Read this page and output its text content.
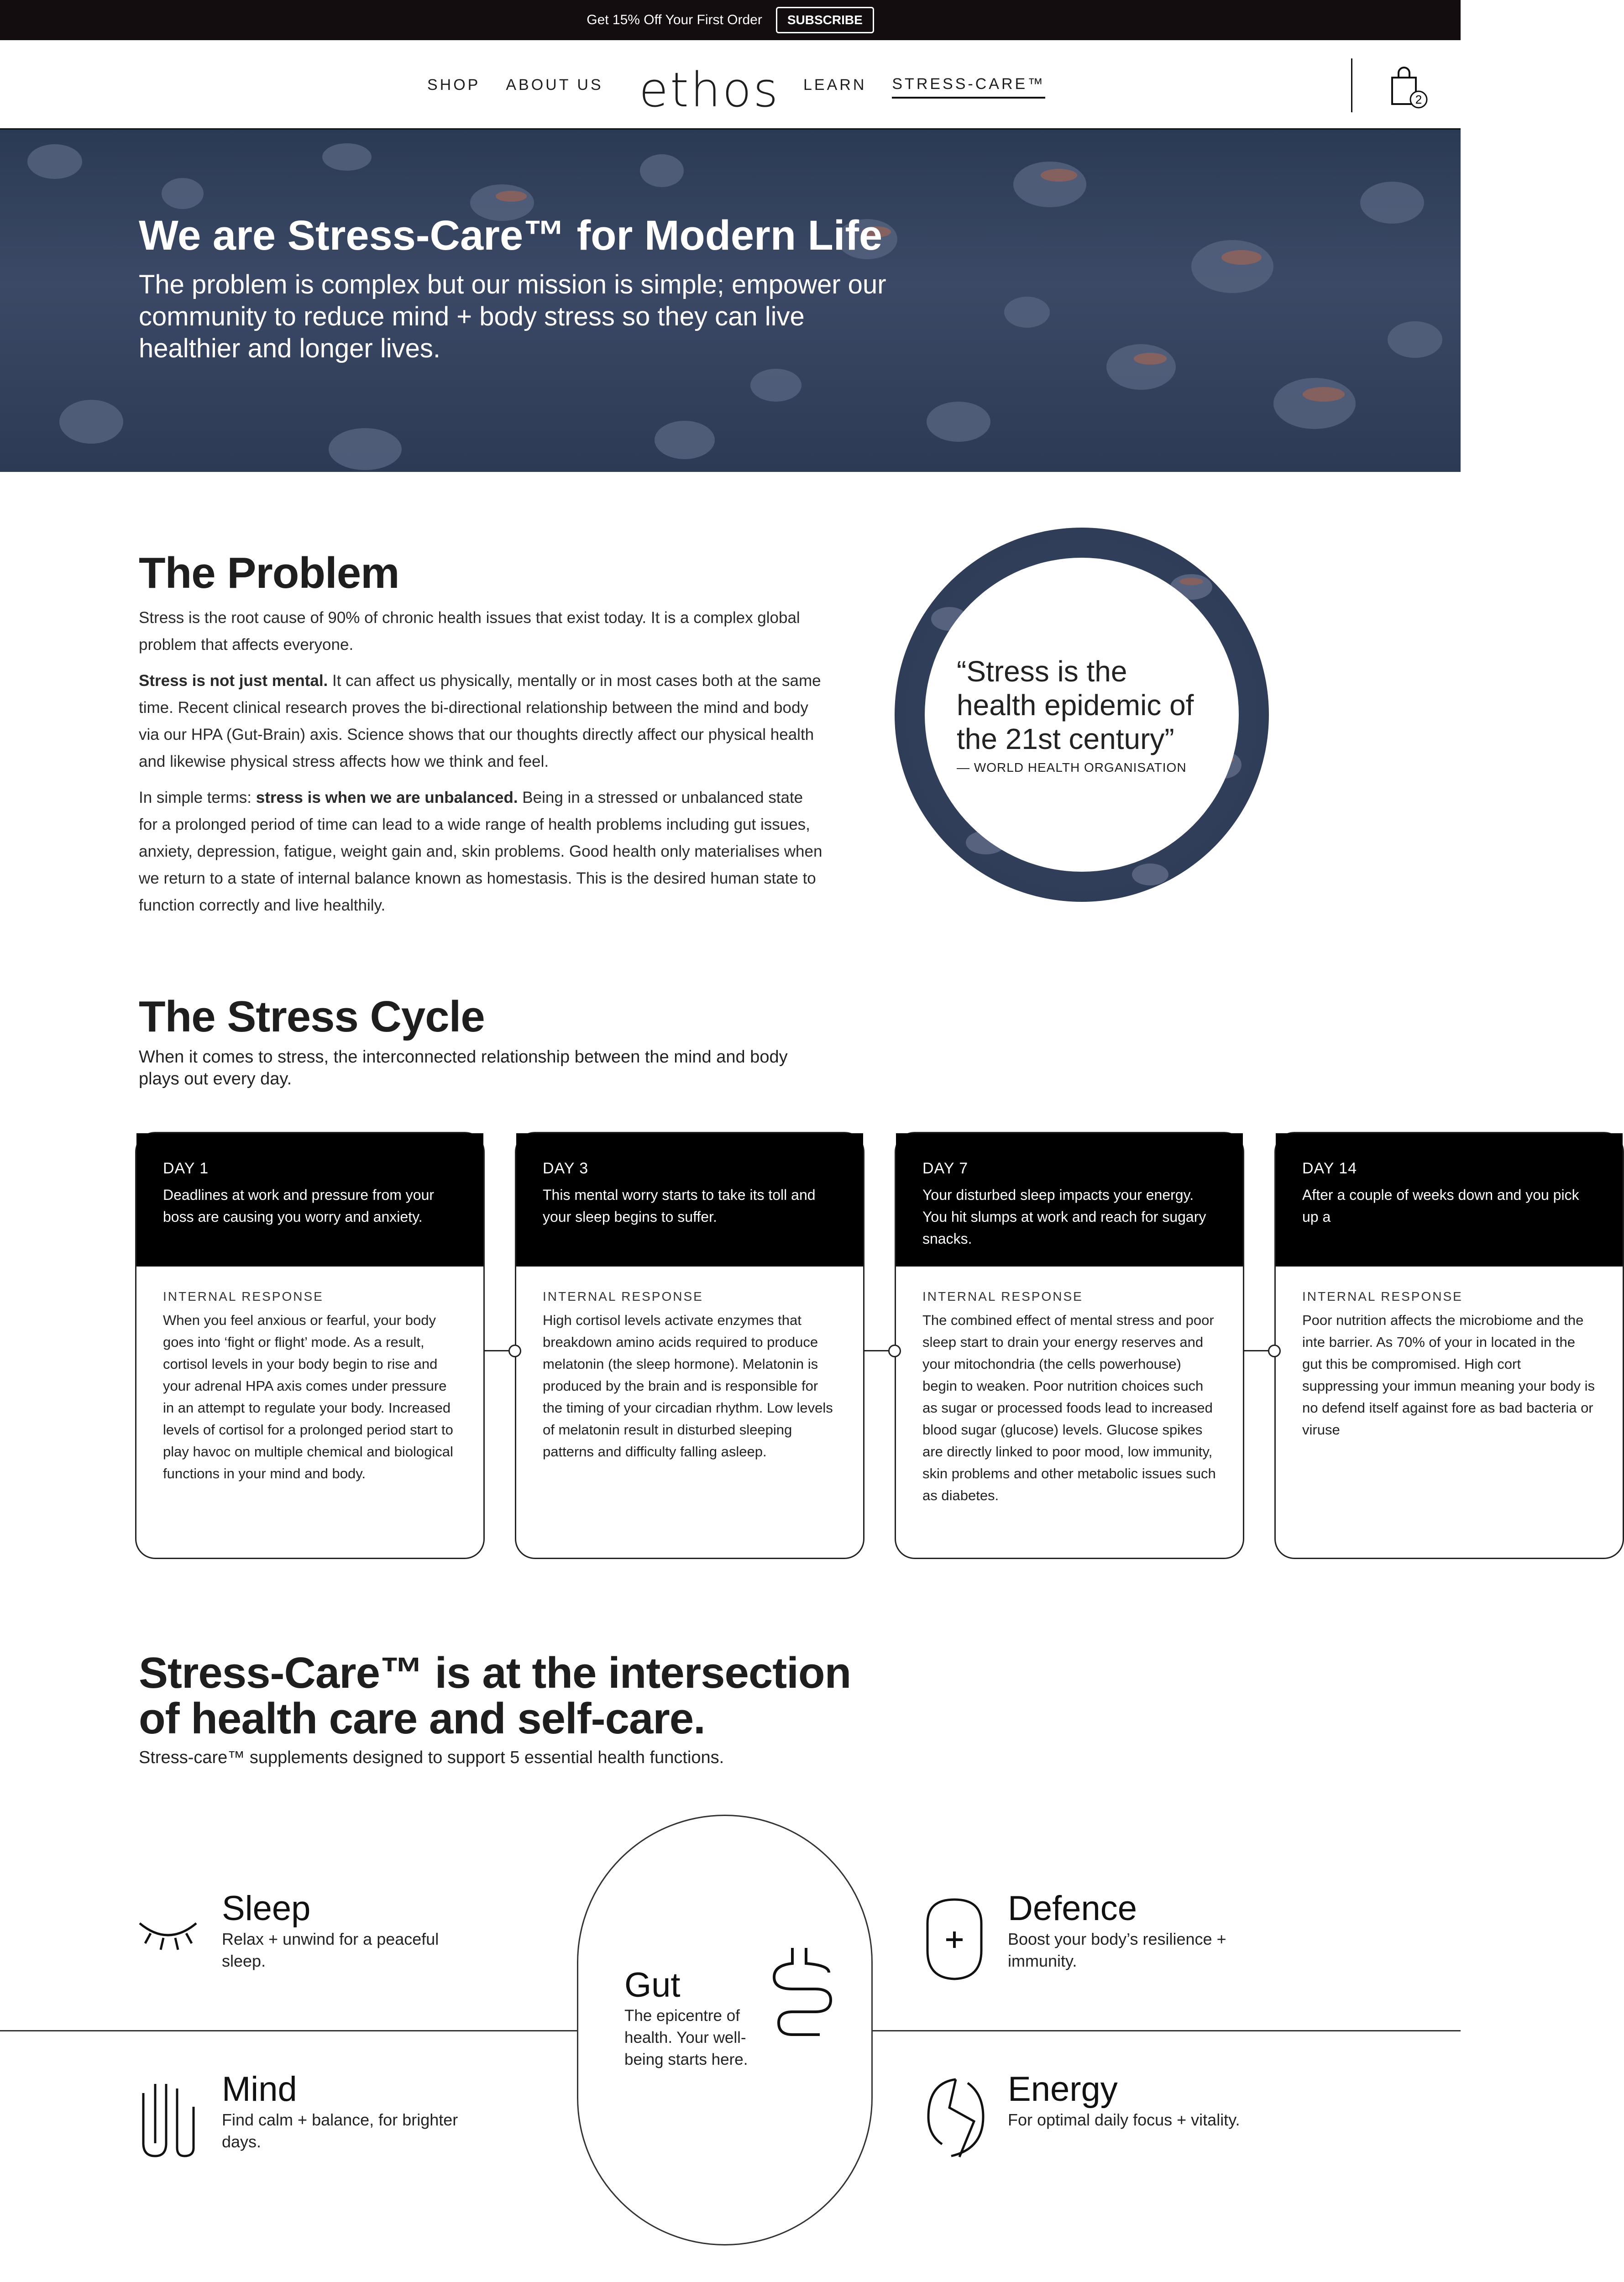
Get 15% Off Your First Order	SUBSCRIBE
SHOP ABOUT US ethos LEARN STRESS-CARE™
2
We are Stress-Care™ for Modern Life

The problem is complex but our mission is simple; empower our community to reduce mind + body stress so they can live healthier and longer lives.

The Problem

Stress is the root cause of 90% of chronic health issues that exist today. It is a complex global problem that affects everyone.

Stress is not just mental. It can affect us physically, mentally or in most cases both at the same time. Recent clinical research proves the bi-directional relationship between the mind and body via our HPA (Gut-Brain) axis. Science shows that our thoughts directly affect our physical health and likewise physical stress affects how we think and feel.

In simple terms: stress is when we are unbalanced. Being in a stressed or unbalanced state for a prolonged period of time can lead to a wide range of health problems including gut issues, anxiety, depression, fatigue, weight gain and, skin problems. Good health only materialises when we return to a state of internal balance known as homestasis. This is the desired human state to function correctly and live healthily.

“Stress is the health epidemic of the 21st century”
— WORLD HEALTH ORGANISATION
The Stress Cycle

When it comes to stress, the interconnected relationship between the mind and body plays out every day.

DAY 1
Deadlines at work and pressure from your boss are causing you worry and anxiety.
INTERNAL RESPONSE
When you feel anxious or fearful, your body goes into ‘fight or flight’ mode. As a result, cortisol levels in your body begin to rise and your adrenal HPA axis comes under pressure in an attempt to regulate your body. Increased levels of cortisol for a prolonged period start to play havoc on multiple chemical and biological functions in your mind and body.
DAY 3
This mental worry starts to take its toll and your sleep begins to suffer.
INTERNAL RESPONSE
High cortisol levels activate enzymes that breakdown amino acids required to produce melatonin (the sleep hormone). Melatonin is produced by the brain and is responsible for the timing of your circadian rhythm. Low levels of melatonin result in disturbed sleeping patterns and difficulty falling asleep.
DAY 7
Your disturbed sleep impacts your energy. You hit slumps at work and reach for sugary snacks.
INTERNAL RESPONSE
The combined effect of mental stress and poor sleep start to drain your energy reserves and your mitochondria (the cells powerhouse) begin to weaken. Poor nutrition choices such as sugar or processed foods lead to increased blood sugar (glucose) levels. Glucose spikes are directly linked to poor mood, low immunity, skin problems and other metabolic issues such as diabetes.
DAY 14
After a couple of weeks down and you pick up a
INTERNAL RESPONSE
Poor nutrition affects the microbiome and the inte barrier. As 70% of your in located in the gut this be compromised. High cort suppressing your immun meaning your body is no defend itself against fore as bad bacteria or viruse
Stress-Care™ is at the intersection
of health care and self-care.

Stress-care™ supplements designed to support 5 essential health functions.

Sleep
Relax + unwind for a peaceful sleep.
Mind
Find calm + balance, for brighter days.
Gut
The epicentre of health. Your well-being starts here.
Defence
Boost your body’s resilience + immunity.
Energy
For optimal daily focus + vitality.
